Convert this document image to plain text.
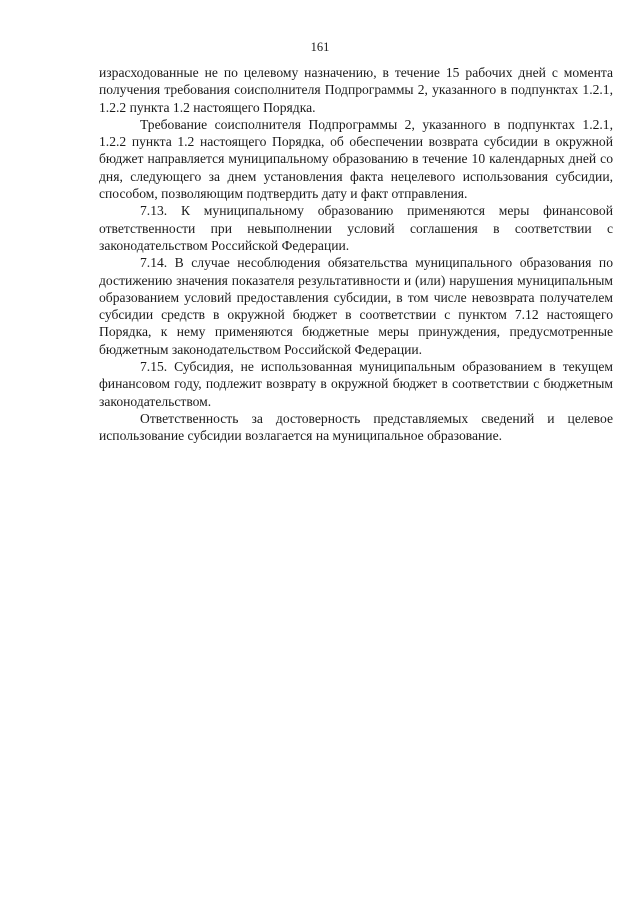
161

израсходованные не по целевому назначению, в течение 15 рабочих дней с момента получения требования соисполнителя Подпрограммы 2, указанного в подпунктах 1.2.1, 1.2.2 пункта 1.2 настоящего Порядка.

Требование соисполнителя Подпрограммы 2, указанного в подпунктах 1.2.1, 1.2.2 пункта 1.2 настоящего Порядка, об обеспечении возврата субсидии в окружной бюджет направляется муниципальному образованию в течение 10 календарных дней со дня, следующего за днем установления факта нецелевого использования субсидии, способом, позволяющим подтвердить дату и факт отправления.

7.13. К муниципальному образованию применяются меры финансовой ответственности при невыполнении условий соглашения в соответствии с законодательством Российской Федерации.

7.14. В случае несоблюдения обязательства муниципального образования по достижению значения показателя результативности и (или) нарушения муниципальным образованием условий предоставления субсидии, в том числе невозврата получателем субсидии средств в окружной бюджет в соответствии с пунктом 7.12 настоящего Порядка, к нему применяются бюджетные меры принуждения, предусмотренные бюджетным законодательством Российской Федерации.

7.15. Субсидия, не использованная муниципальным образованием в текущем финансовом году, подлежит возврату в окружной бюджет в соответствии с бюджетным законодательством.

Ответственность за достоверность представляемых сведений и целевое использование субсидии возлагается на муниципальное образование.
